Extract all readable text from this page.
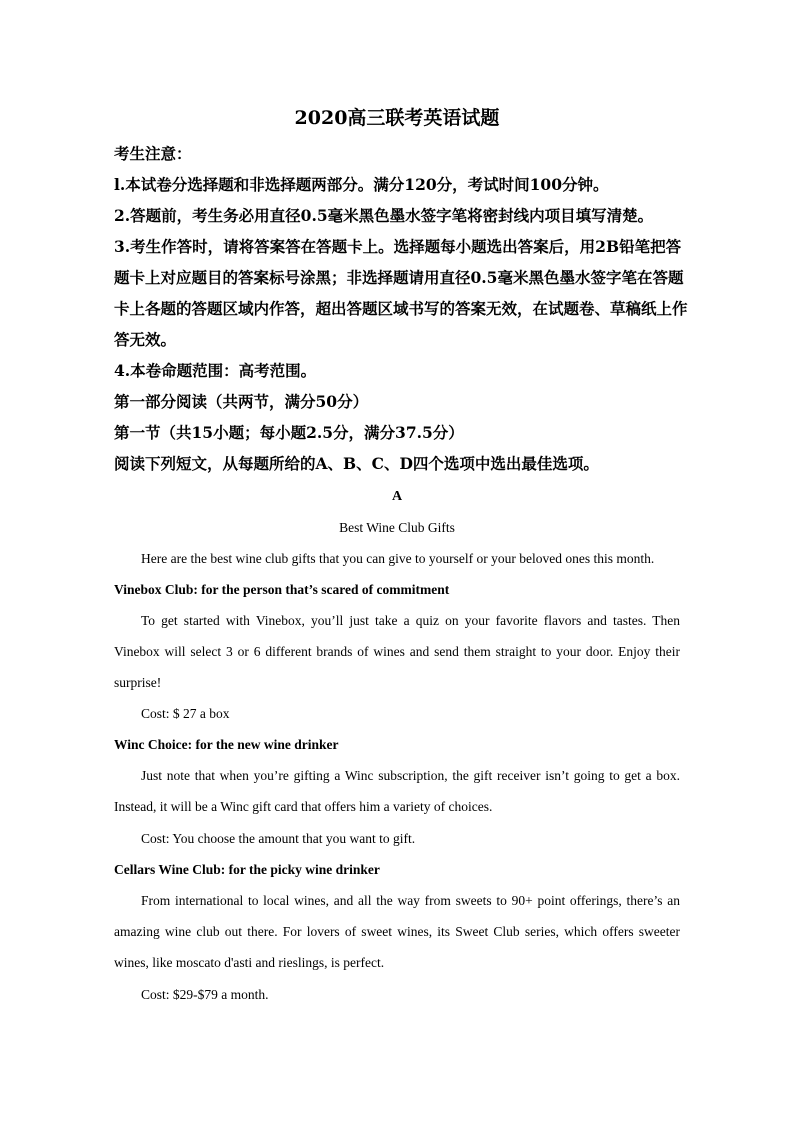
2020高三联考英语试题

考生注意：

l.本试卷分选择题和非选择题两部分。满分120分，考试时间100分钟。

2.答题前，考生务必用直径0.5毫米黑色墨水签字笔将密封线内项目填写清楚。

3.考生作答时，请将答案答在答题卡上。选择题每小题选出答案后，用2B铅笔把答题卡上对应题目的答案标号涂黑；非选择题请用直径0.5毫米黑色墨水签字笔在答题卡上各题的答题区域内作答，超出答题区域书写的答案无效，在试题卷、草稿纸上作答无效。

4.本卷命题范围：高考范围。

第一部分阅读（共两节，满分50分）

第一节（共15小题；每小题2.5分，满分37.5分）

阅读下列短文，从每题所给的A、B、C、D四个选项中选出最佳选项。

A

Best Wine Club Gifts

Here are the best wine club gifts that you can give to yourself or your beloved ones this month.

Vinebox Club: for the person that’s scared of commitment

To get started with Vinebox, you’ll just take a quiz on your favorite flavors and tastes. Then Vinebox will select 3 or 6 different brands of wines and send them straight to your door. Enjoy their surprise!

Cost: $ 27 a box

Winc Choice: for the new wine drinker

Just note that when you’re gifting a Winc subscription, the gift receiver isn’t going to get a box. Instead, it will be a Winc gift card that offers him a variety of choices.

Cost: You choose the amount that you want to gift.

Cellars Wine Club: for the picky wine drinker

From international to local wines, and all the way from sweets to 90+ point offerings, there’s an amazing wine club out there. For lovers of sweet wines, its Sweet Club series, which offers sweeter wines, like moscato d'asti and rieslings, is perfect.

Cost: $29-$79 a month.
